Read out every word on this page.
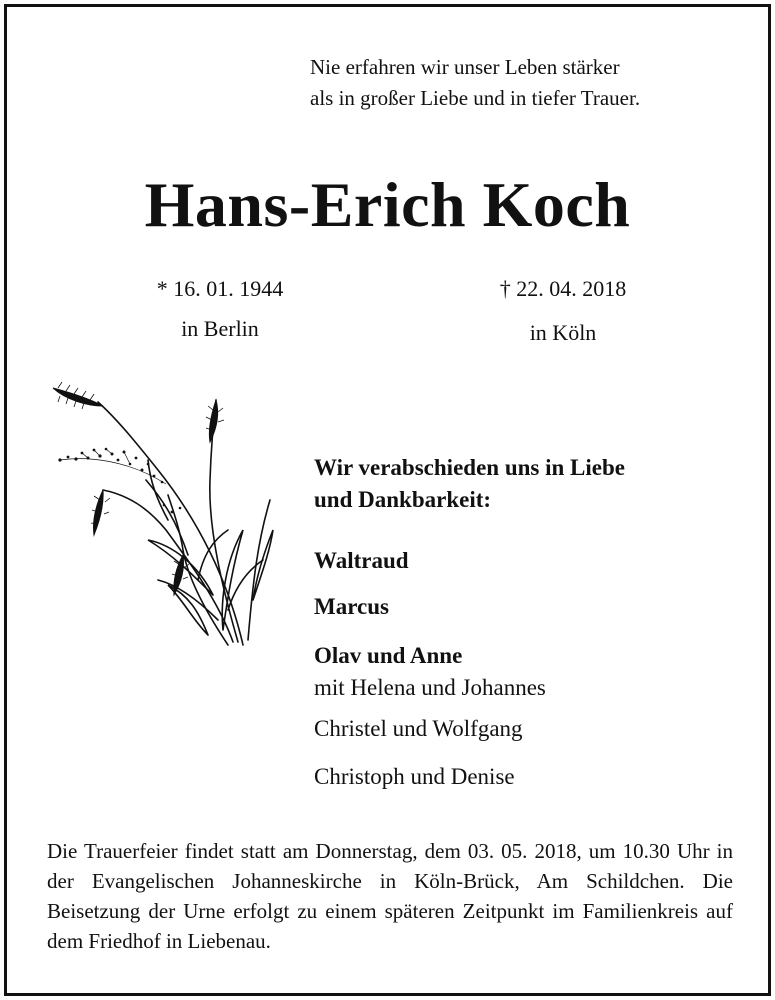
Nie erfahren wir unser Leben stärker
als in großer Liebe und in tiefer Trauer.
Hans-Erich Koch
* 16. 01. 1944
in Berlin
† 22. 04. 2018
in Köln
Wir verabschieden uns in Liebe
und Dankbarkeit:
Waltraud
Marcus
Olav und Anne
mit Helena und Johannes
Christel und Wolfgang
Christoph und Denise

Die Trauerfeier findet statt am Donnerstag, dem 03. 05. 2018, um 10.30 Uhr in der Evangelischen Johanneskirche in Köln-Brück, Am Schildchen. Die Beisetzung der Urne erfolgt zu einem späteren Zeitpunkt im Familienkreis auf dem Friedhof in Liebenau.
